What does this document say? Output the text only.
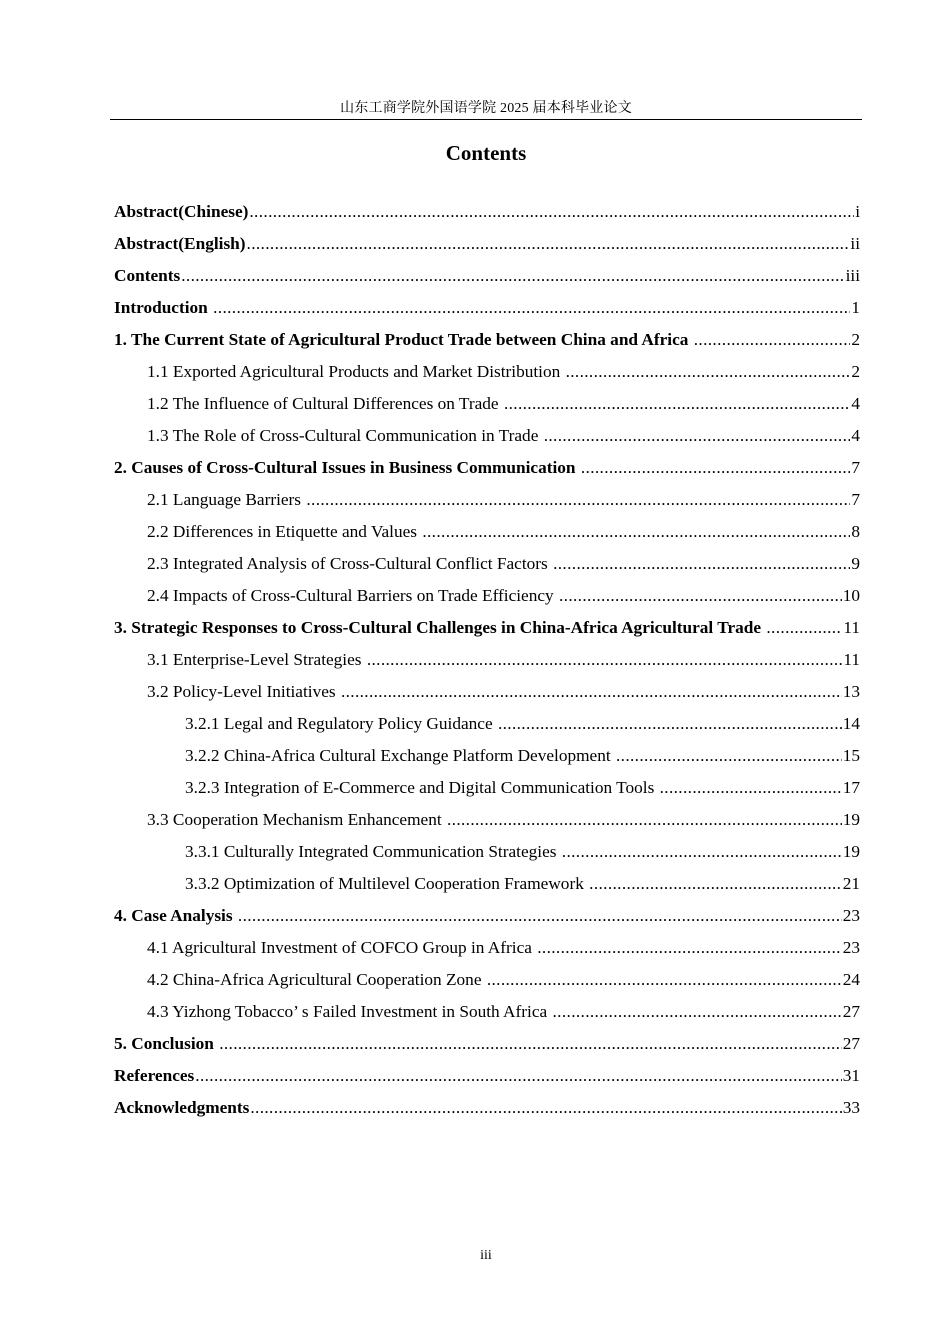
山东工商学院外国语学院 2025 届本科毕业论文
Contents
Abstract(Chinese) .....	i
Abstract(English) .....	ii
Contents .....	iii
Introduction .....	1
1. The Current State of Agricultural Product Trade between China and Africa .....	2
1.1 Exported Agricultural Products and Market Distribution .....	2
1.2 The Influence of Cultural Differences on Trade .....	4
1.3 The Role of Cross-Cultural Communication in Trade .....	4
2. Causes of Cross-Cultural Issues in Business Communication .....	7
2.1 Language Barriers .....	7
2.2 Differences in Etiquette and Values .....	8
2.3 Integrated Analysis of Cross-Cultural Conflict Factors .....	9
2.4 Impacts of Cross-Cultural Barriers on Trade Efficiency .....	10
3. Strategic Responses to Cross-Cultural Challenges in China-Africa Agricultural Trade .....	11
3.1 Enterprise-Level Strategies .....	11
3.2 Policy-Level Initiatives .....	13
3.2.1 Legal and Regulatory Policy Guidance .....	14
3.2.2 China-Africa Cultural Exchange Platform Development .....	15
3.2.3 Integration of E-Commerce and Digital Communication Tools .....	17
3.3 Cooperation Mechanism Enhancement .....	19
3.3.1 Culturally Integrated Communication Strategies .....	19
3.3.2 Optimization of Multilevel Cooperation Framework .....	21
4. Case Analysis .....	23
4.1 Agricultural Investment of COFCO Group in Africa .....	23
4.2 China-Africa Agricultural Cooperation Zone .....	24
4.3 Yizhong Tobacco’ s Failed Investment in South Africa .....	27
5. Conclusion .....	27
References .....	31
Acknowledgments .....	33
iii
